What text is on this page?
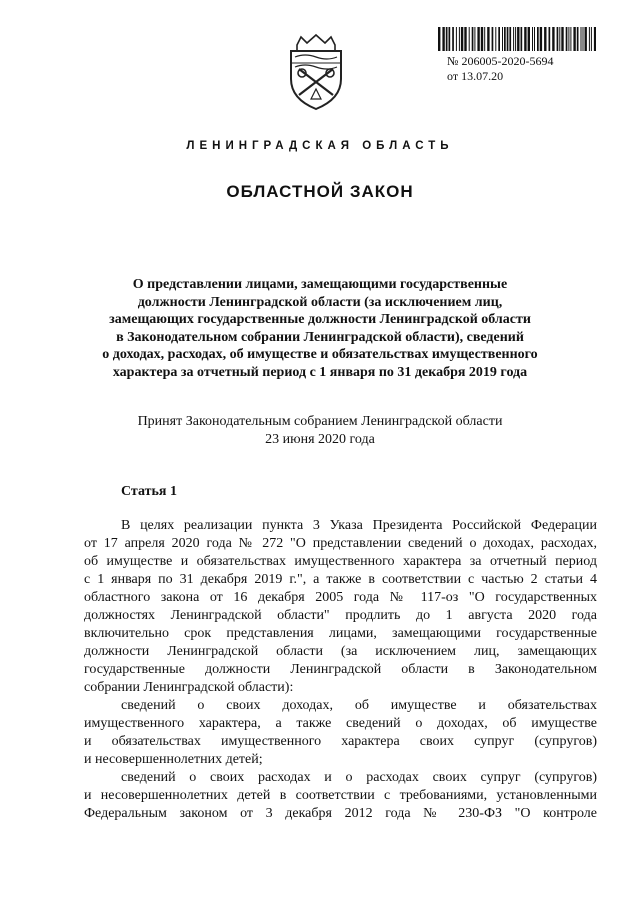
№ 206005-2020-5694
от 13.07.20
ЛЕНИНГРАДСКАЯ ОБЛАСТЬ
ОБЛАСТНОЙ ЗАКОН
О представлении лицами, замещающими государственные
должности Ленинградской области (за исключением лиц,
замещающих государственные должности Ленинградской области
в Законодательном собрании Ленинградской области), сведений
о доходах, расходах, об имуществе и обязательствах имущественного
характера за отчетный период с 1 января по 31 декабря 2019 года
Принят Законодательным собранием Ленинградской области
23 июня 2020 года
Статья 1
В целях реализации пункта 3 Указа Президента Российской Федерации
от 17 апреля 2020 года № 272 "О представлении сведений о доходах, расходах,
об имуществе и обязательствах имущественного характера за отчетный период
с 1 января по 31 декабря 2019 г.", а также в соответствии с частью 2 статьи 4
областного закона от 16 декабря 2005 года № 117-оз "О государственных
должностях Ленинградской области" продлить до 1 августа 2020 года
включительно срок представления лицами, замещающими государственные
должности Ленинградской области (за исключением лиц, замещающих
государственные должности Ленинградской области в Законодательном
собрании Ленинградской области):
сведений о своих доходах, об имуществе и обязательствах
имущественного характера, а также сведений о доходах, об имуществе
и обязательствах имущественного характера своих супруг (супругов)
и несовершеннолетних детей;
сведений о своих расходах и о расходах своих супруг (супругов)
и несовершеннолетних детей в соответствии с требованиями, установленными
Федеральным законом от 3 декабря 2012 года № 230-ФЗ "О контроле
